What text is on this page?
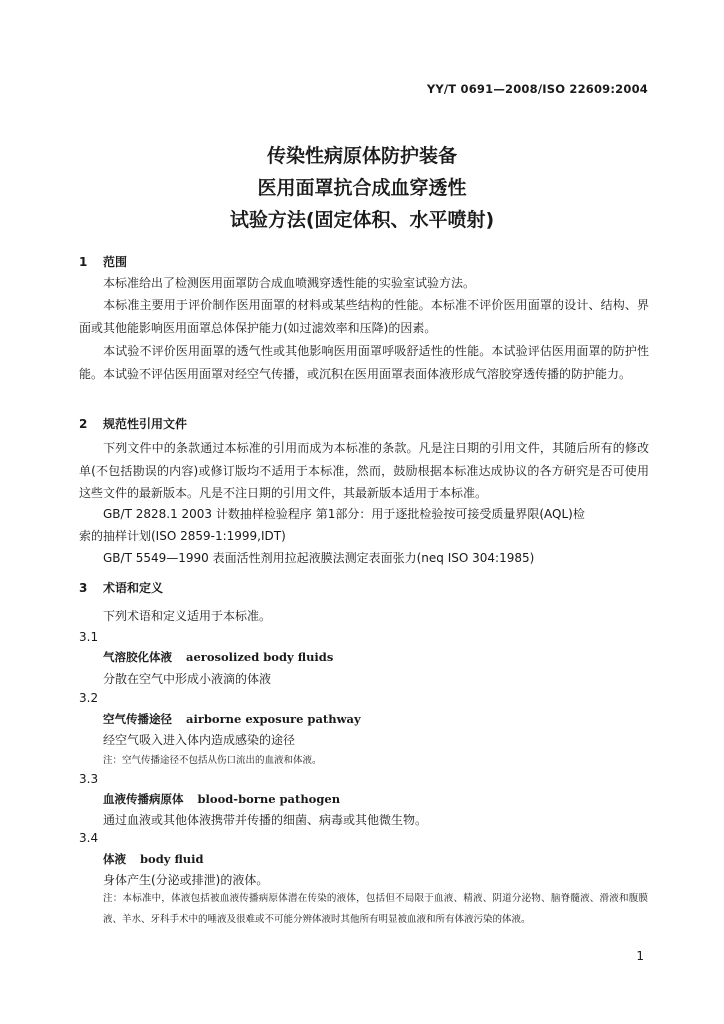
YY/T 0691—2008/ISO 22609:2004
传染性病原体防护装备
医用面罩抗合成血穿透性
试验方法(固定体积、水平喷射)
1 范围
本标准给出了检测医用面罩防合成血喷溅穿透性能的实验室试验方法。
本标准主要用于评价制作医用面罩的材料或某些结构的性能。本标准不评价医用面罩的设计、结构、界面或其他能影响医用面罩总体保护能力(如过滤效率和压降)的因素。
本试验不评价医用面罩的透气性或其他影响医用面罩呼吸舒适性的性能。本试验评估医用面罩的防护性能。本试验不评估医用面罩对经空气传播，或沉积在医用面罩表面体液形成气溶胶穿透传播的防护能力。
2 规范性引用文件
下列文件中的条款通过本标准的引用而成为本标准的条款。凡是注日期的引用文件，其随后所有的修改单(不包括勘误的内容)或修订版均不适用于本标准，然而，鼓励根据本标准达成协议的各方研究是否可使用这些文件的最新版本。凡是不注日期的引用文件，其最新版本适用于本标准。
GB/T 2828.1 2003 计数抽样检验程序 第1部分：用于逐批检验按可接受质量界限(AQL)检
索的抽样计划(ISO 2859-1:1999,IDT)
GB/T 5549—1990 表面活性剂用拉起液膜法测定表面张力(neq ISO 304:1985)
3 术语和定义
下列术语和定义适用于本标准。
3.1
气溶胶化体液 aerosolized body fluids
分散在空气中形成小液滴的体液
3.2
空气传播途径 airborne exposure pathway
经空气吸入进入体内造成感染的途径
注：空气传播途径不包括从伤口流出的血液和体液。
3.3
血液传播病原体 blood-borne pathogen
通过血液或其他体液携带并传播的细菌、病毒或其他微生物。
3.4
体液 body fluid
身体产生(分泌或排泄)的液体。
注：本标准中，体液包括被血液传播病原体潜在传染的液体，包括但不局限于血液、精液、阴道分泌物、脑脊髓液、滑液和腹膜液、羊水、牙科手术中的唾液及很难或不可能分辨体液时其他所有明显被血液和所有体液污染的体液。
1
